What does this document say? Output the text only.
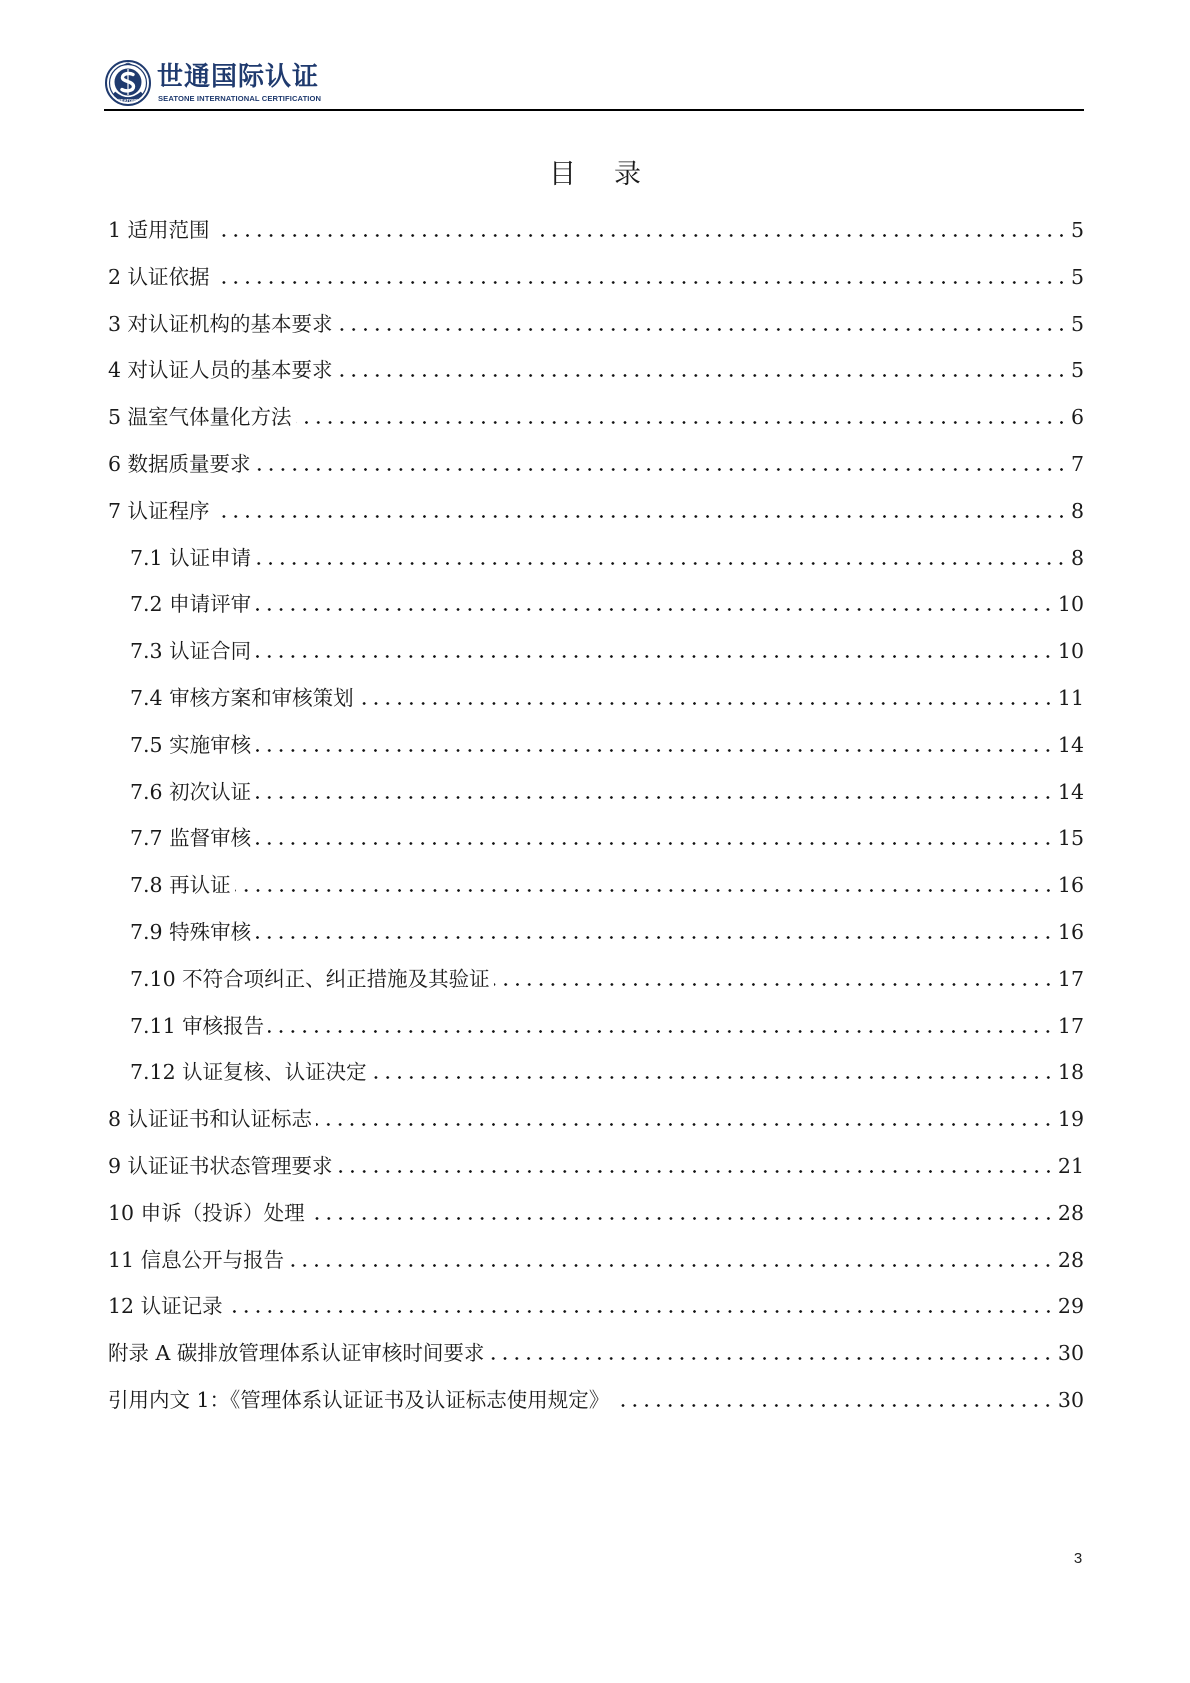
SEATONE
世通国际认证
SEATONE INTERNATIONAL CERTIFICATION
目 录
1 适用范围	5
2 认证依据	5
3 对认证机构的基本要求	5
4 对认证人员的基本要求	5
5 温室气体量化方法	6
6 数据质量要求	7
7 认证程序	8
7.1 认证申请	8
7.2 申请评审	10
7.3 认证合同	10
7.4 审核方案和审核策划	11
7.5 实施审核	14
7.6 初次认证	14
7.7 监督审核	15
7.8 再认证	16
7.9 特殊审核	16
7.10 不符合项纠正、纠正措施及其验证	17
7.11 审核报告	17
7.12 认证复核、认证决定	18
8 认证证书和认证标志	19
9 认证证书状态管理要求	21
10 申诉（投诉）处理	28
11 信息公开与报告	28
12 认证记录	29
附录 A 碳排放管理体系认证审核时间要求	30
引用内文 1：《管理体系认证证书及认证标志使用规定》	30
3
